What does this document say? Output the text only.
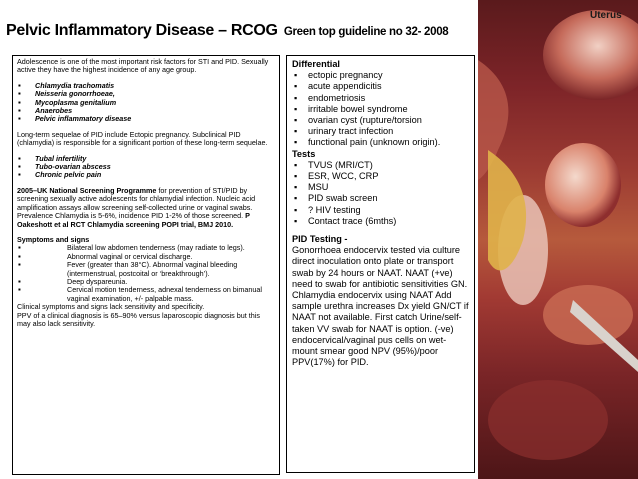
Pelvic Inflammatory Disease – RCOG Green top guideline no 32- 2008

Adolescence is one of the most important risk factors for STI and PID. Sexually active they have the highest incidence of any age group.

▪ Chlamydia trachomatis
▪ Neisseria gonorrhoeae,
▪ Mycoplasma genitalium
▪ Anaerobes
▪ Pelvic inflammatory disease

Long-term sequelae of PID include Ectopic pregnancy. Subclinical PID (chlamydia) is responsible for a significant portion of these long-term sequelae.

▪ Tubal infertility
▪ Tubo-ovarian abscess
▪ Chronic pelvic pain

2005–UK National Screening Programme for prevention of STI/PID by screening sexually active adolescents for chlamydial infection. Nucleic acid amplification assays allow screening self-collected urine or vaginal swabs. Prevalence Chlamydia is 5-6%, incidence PID 1-2% of those screened. P Oakeshott et al RCT Chlamydia screening POPI trial, BMJ 2010.

Symptoms and signs

▪ Bilateral low abdomen tenderness (may radiate to legs).
▪ Abnormal vaginal or cervical discharge.
▪ Fever (greater than 38°C). Abnormal vaginal bleeding (intermenstrual, postcoital or ‘breakthrough’).
▪ Deep dyspareunia.
▪ Cervical motion tenderness, adnexal tenderness on bimanual vaginal examination, +/- palpable mass.

Clinical symptoms and signs lack sensitivity and specificity.

PPV of a clinical diagnosis is 65–90% versus laparoscopic diagnosis but this may also lack sensitivity.

Differential

▪ ectopic pregnancy
▪ acute appendicitis
▪ endometriosis
▪ irritable bowel syndrome
▪ ovarian cyst (rupture/torsion
▪ urinary tract infection
▪ functional pain (unknown origin).

Tests

▪ TVUS (MRI/CT)
▪ ESR, WCC, CRP
▪ MSU
▪ PID swab screen
▪ ? HIV testing
▪ Contact trace (6mths)

PID Testing -

Gonorrhoea endocervix tested via culture direct inoculation onto plate or transport swab by 24 hours or NAAT. NAAT (+ve) need to swab for antibiotic sensitivities GN. Chlamydia endocervix using NAAT Add sample urethra increases Dx yield GN/CT if NAAT not available. First catch Urine/self-taken VV swab for NAAT is option. (-ve) endocervical/vaginal pus cells on wet-mount smear good NPV (95%)/poor PPV(17%) for PID.

Uterus
